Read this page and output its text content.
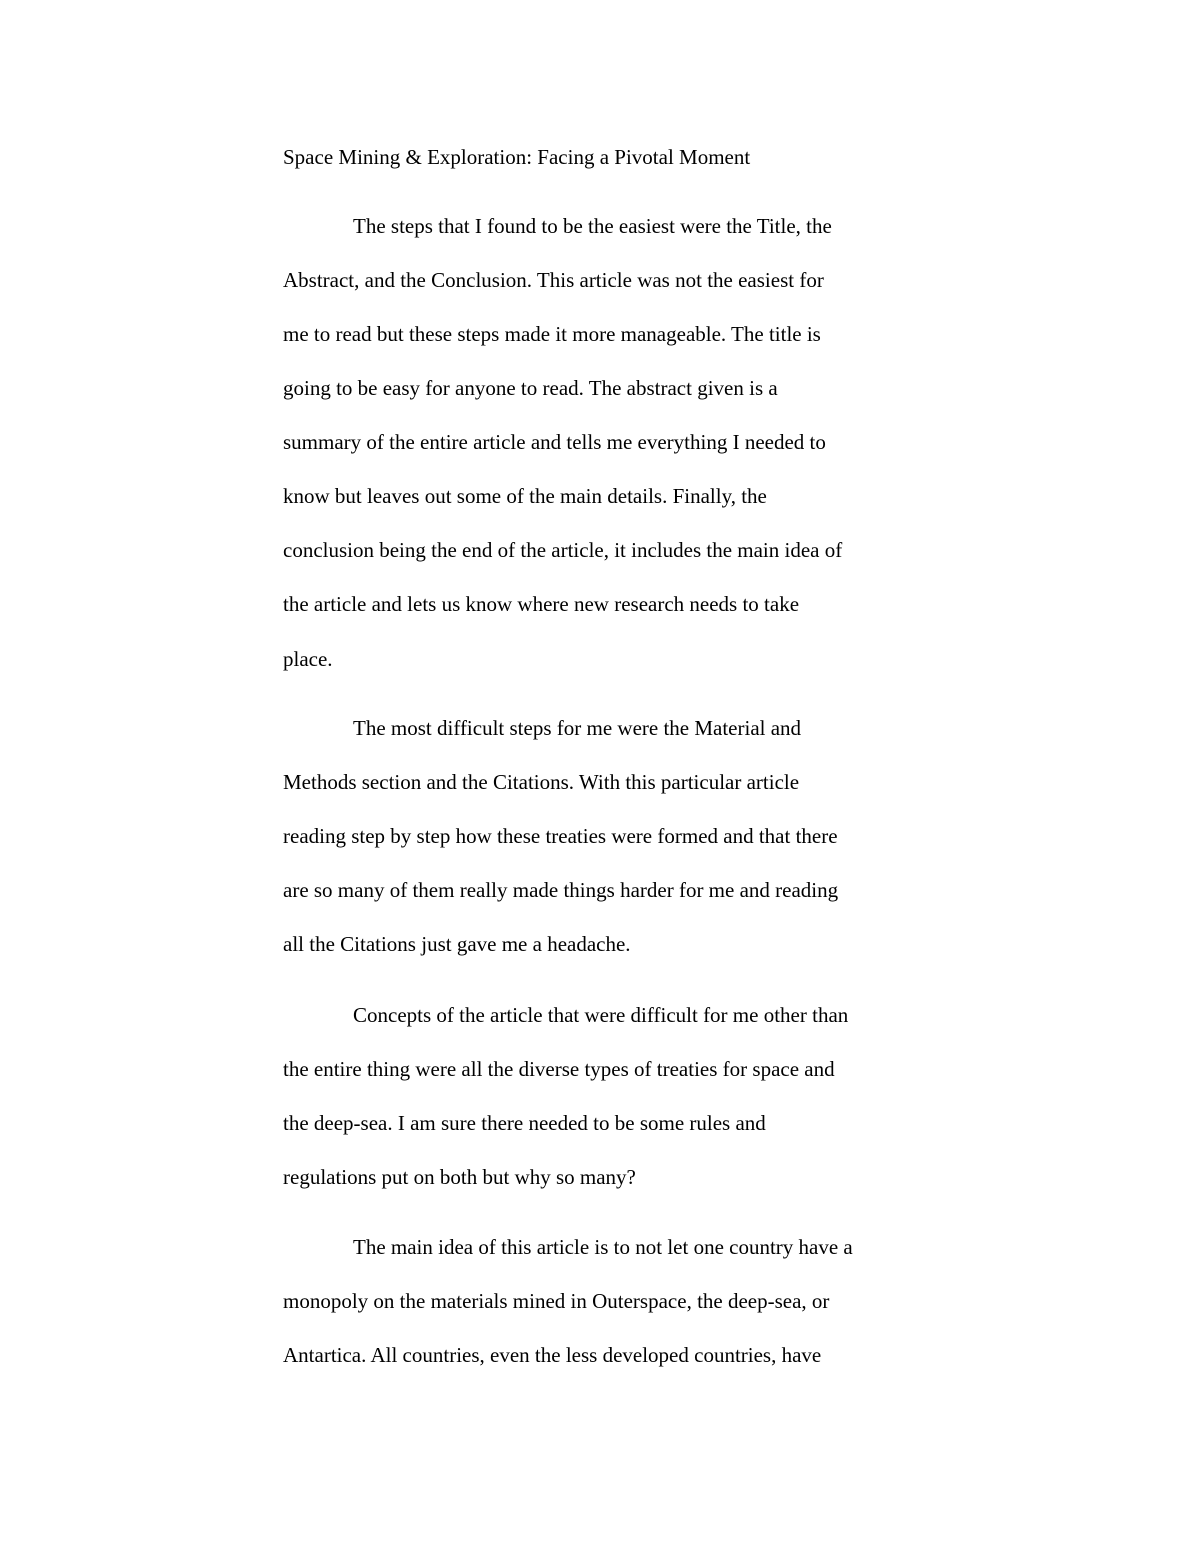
Space Mining & Exploration: Facing a Pivotal Moment
The steps that I found to be the easiest were the Title, the
Abstract, and the Conclusion. This article was not the easiest for
me to read but these steps made it more manageable. The title is
going to be easy for anyone to read. The abstract given is a
summary of the entire article and tells me everything I needed to
know but leaves out some of the main details. Finally, the
conclusion being the end of the article, it includes the main idea of
the article and lets us know where new research needs to take
place.
The most difficult steps for me were the Material and
Methods section and the Citations. With this particular article
reading step by step how these treaties were formed and that there
are so many of them really made things harder for me and reading
all the Citations just gave me a headache.
Concepts of the article that were difficult for me other than
the entire thing were all the diverse types of treaties for space and
the deep-sea. I am sure there needed to be some rules and
regulations put on both but why so many?
The main idea of this article is to not let one country have a
monopoly on the materials mined in Outerspace, the deep-sea, or
Antartica. All countries, even the less developed countries, have
